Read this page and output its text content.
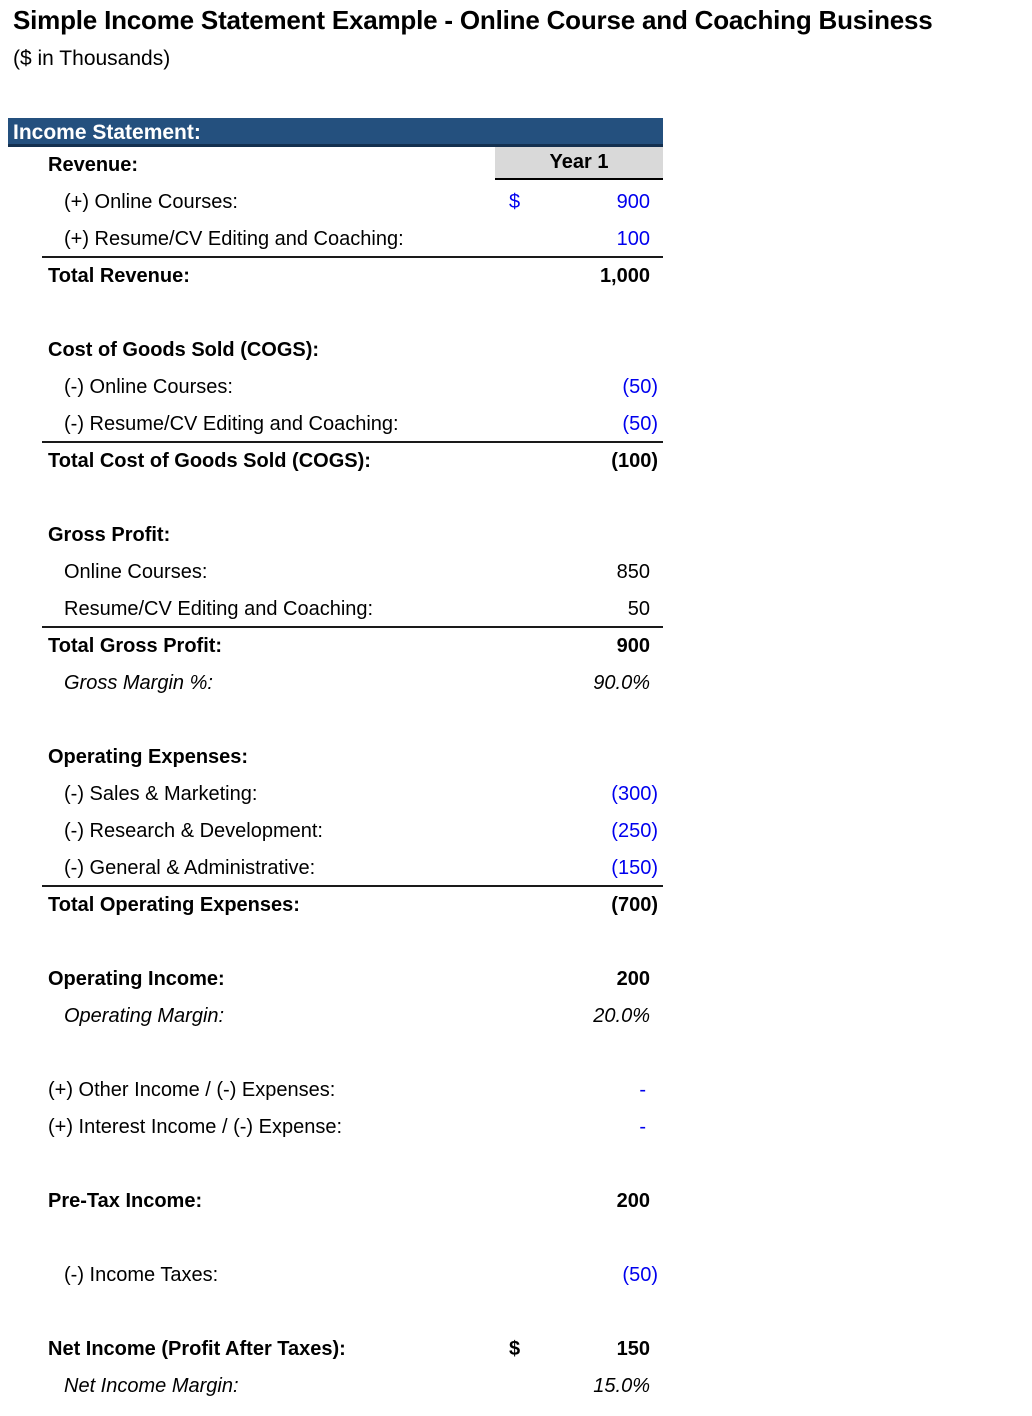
Simple Income Statement Example - Online Course and Coaching Business
($ in Thousands)
Income Statement:
Revenue:	Year 1
(+) Online Courses:	$	900
(+) Resume/CV Editing and Coaching:	100
Total Revenue:	1,000
Cost of Goods Sold (COGS):
(-) Online Courses:	(50)
(-) Resume/CV Editing and Coaching:	(50)
Total Cost of Goods Sold (COGS):	(100)
Gross Profit:
Online Courses:	850
Resume/CV Editing and Coaching:	50
Total Gross Profit:	900
Gross Margin %:	90.0%
Operating Expenses:
(-) Sales & Marketing:	(300)
(-) Research & Development:	(250)
(-) General & Administrative:	(150)
Total Operating Expenses:	(700)
Operating Income:	200
Operating Margin:	20.0%
(+) Other Income / (-) Expenses:	-
(+) Interest Income / (-) Expense:	-
Pre-Tax Income:	200
(-) Income Taxes:	(50)
Net Income (Profit After Taxes):	$	150
Net Income Margin:	15.0%
